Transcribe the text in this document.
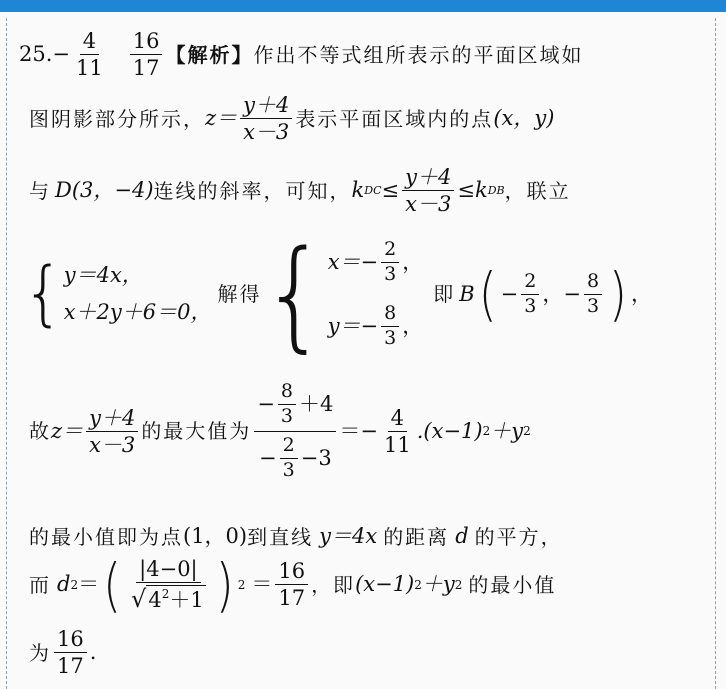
25. − $\frac{4}{11} \frac{16}{17}$ 【解析】 作出不等式组所表示的平面区域如
图阴影部分所示， $z= \frac{y+4}{x-3}$ 表示平面区域内的点 (x，y)
与 D(3，−4) 连线的斜率，可知， k DC ≤ $\frac{y+4}{x-3} \le k$ DB ，联立
{ y＝4x，
x＋2y＋6＝0，
解得 { $x=- \frac{2}{3}$ ，
$y=- \frac{8}{3}$ ，
即 B ( − $\frac{2}{3}$ ， − $\frac{8}{3}$ ) ，
故 $z= \frac{y+4}{x-3}$ 的最大值为 $\frac{- \frac{8}{3} +4}{- \frac{2}{3} -3} =- \frac{4}{11} .(x-1)$ 2 ＋y 2
的最小值即为点 (1，0) 到直线 y＝4x 的距离 d 的平方，
而 d 2 ＝ ( $\frac{|4-0|}{√ 4^2+1}$ ) $2 = \frac{16}{17}$ ，即 (x−1) 2 ＋y 2 的最小值
为 $\frac{16}{17}$ .
